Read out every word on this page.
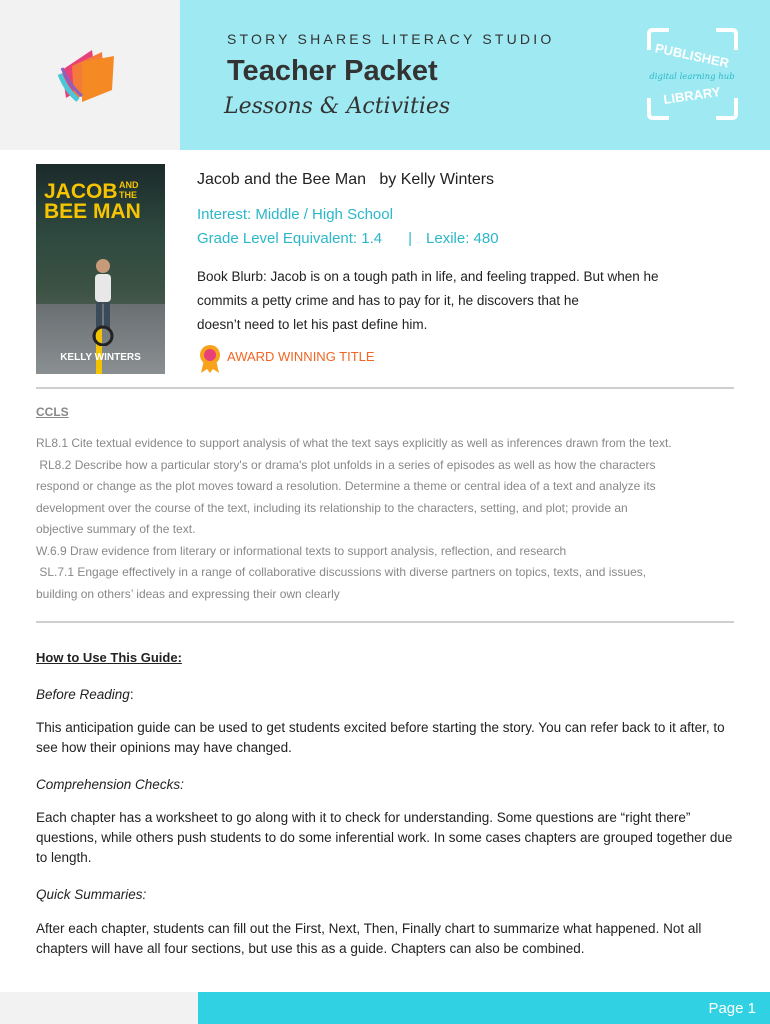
STORY SHARES LITERACY STUDIO
Teacher Packet
Lessons & Activities
PUBLISHER
digital learning hub
LIBRARY
JACOB
BEE MAN
AND
THE
KELLY WINTERS
Jacob and the Bee Man   by Kelly Winters
Interest: Middle / High School
Grade Level Equivalent: 1.4 | Lexile: 480
Book Blurb: Jacob is on a tough path in life, and feeling trapped. But when he
commits a petty crime and has to pay for it, he discovers that he
doesn’t need to let his past define him.
AWARD WINNING TITLE
CCLS

RL8.1 Cite textual evidence to support analysis of what the text says explicitly as well as inferences drawn from the text.

RL8.2 Describe how a particular story's or drama's plot unfolds in a series of episodes as well as how the characters

respond or change as the plot moves toward a resolution. Determine a theme or central idea of a text and analyze its

development over the course of the text, including its relationship to the characters, setting, and plot; provide an

objective summary of the text.

W.6.9 Draw evidence from literary or informational texts to support analysis, reflection, and research

SL.7.1 Engage effectively in a range of collaborative discussions with diverse partners on topics, texts, and issues,

building on others’ ideas and expressing their own clearly

How to Use This Guide:
Before Reading:
This anticipation guide can be used to get students excited before starting the story. You can refer back to it after, to see how their opinions may have changed.
Comprehension Checks:
Each chapter has a worksheet to go along with it to check for understanding. Some questions are “right there” questions, while others push students to do some inferential work. In some cases chapters are grouped together due to length.
Quick Summaries:
After each chapter, students can fill out the First, Next, Then, Finally chart to summarize what happened. Not all chapters will have all four sections, but use this as a guide. Chapters can also be combined.
Page 1
